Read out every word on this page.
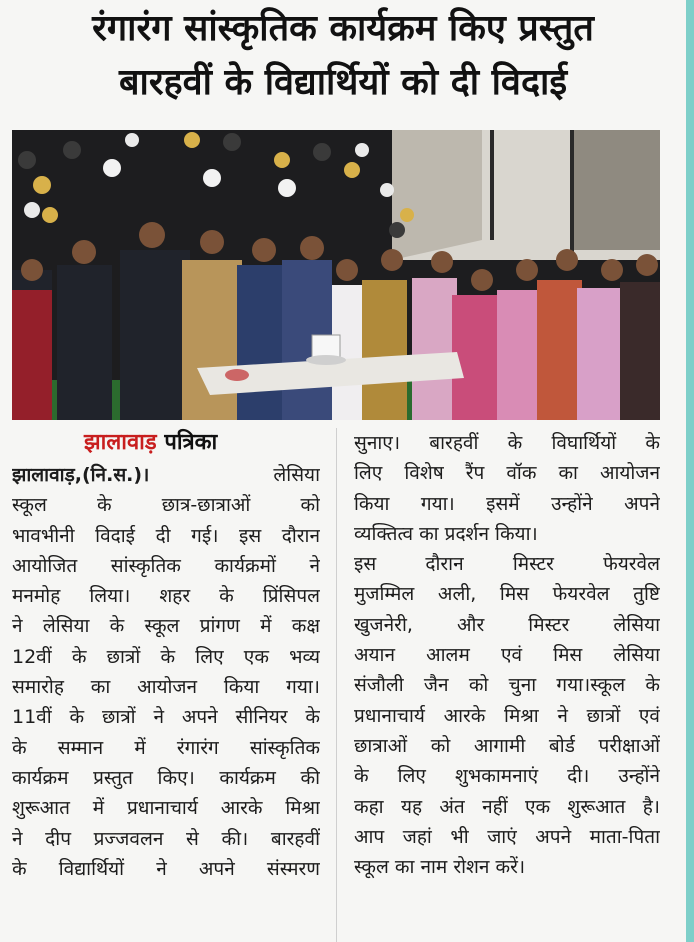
रंगारंग सांस्कृतिक कार्यक्रम किए प्रस्तुत
बारहवीं के विद्यार्थियों को दी विदाई
झालावाड़ पत्रिका
झालावाड़,(नि.स.)।	लेसिया
स्कूल के छात्र-छात्राओं को
भावभीनी विदाई दी गई। इस दौरान
आयोजित सांस्कृतिक कार्यक्रमों ने
मनमोह लिया। शहर के प्रिंसिपल
ने लेसिया के स्कूल प्रांगण में कक्ष
12वीं के छात्रों के लिए एक भव्य
समारोह का आयोजन किया गया।
11वीं के छात्रों ने अपने सीनियर के
के सम्मान में रंगारंग सांस्कृतिक
कार्यक्रम प्रस्तुत किए। कार्यक्रम की
शुरूआत में प्रधानाचार्य आरके मिश्रा
ने दीप प्रज्जवलन से की। बारहवीं
के विद्यार्थियों ने अपने संस्मरण
सुनाए। बारहवीं के विघार्थियों के
लिए विशेष रैंप वॉक का आयोजन
किया गया। इसमें उन्होंने अपने
व्यक्तित्व का प्रदर्शन किया।
इस दौरान मिस्टर फेयरवेल
मुजम्मिल अली, मिस फेयरवेल तुष्टि
खुजनेरी, और मिस्टर लेसिया
अयान आलम एवं मिस लेसिया
संजौली जैन को चुना गया।स्कूल के
प्रधानाचार्य आरके मिश्रा ने छात्रों एवं
छात्राओं को आगामी बोर्ड परीक्षाओं
के लिए शुभकामनाएं दी। उन्होंने
कहा यह अंत नहीं एक शुरूआत है।
आप जहां भी जाएं अपने माता-पिता
स्कूल का नाम रोशन करें।
